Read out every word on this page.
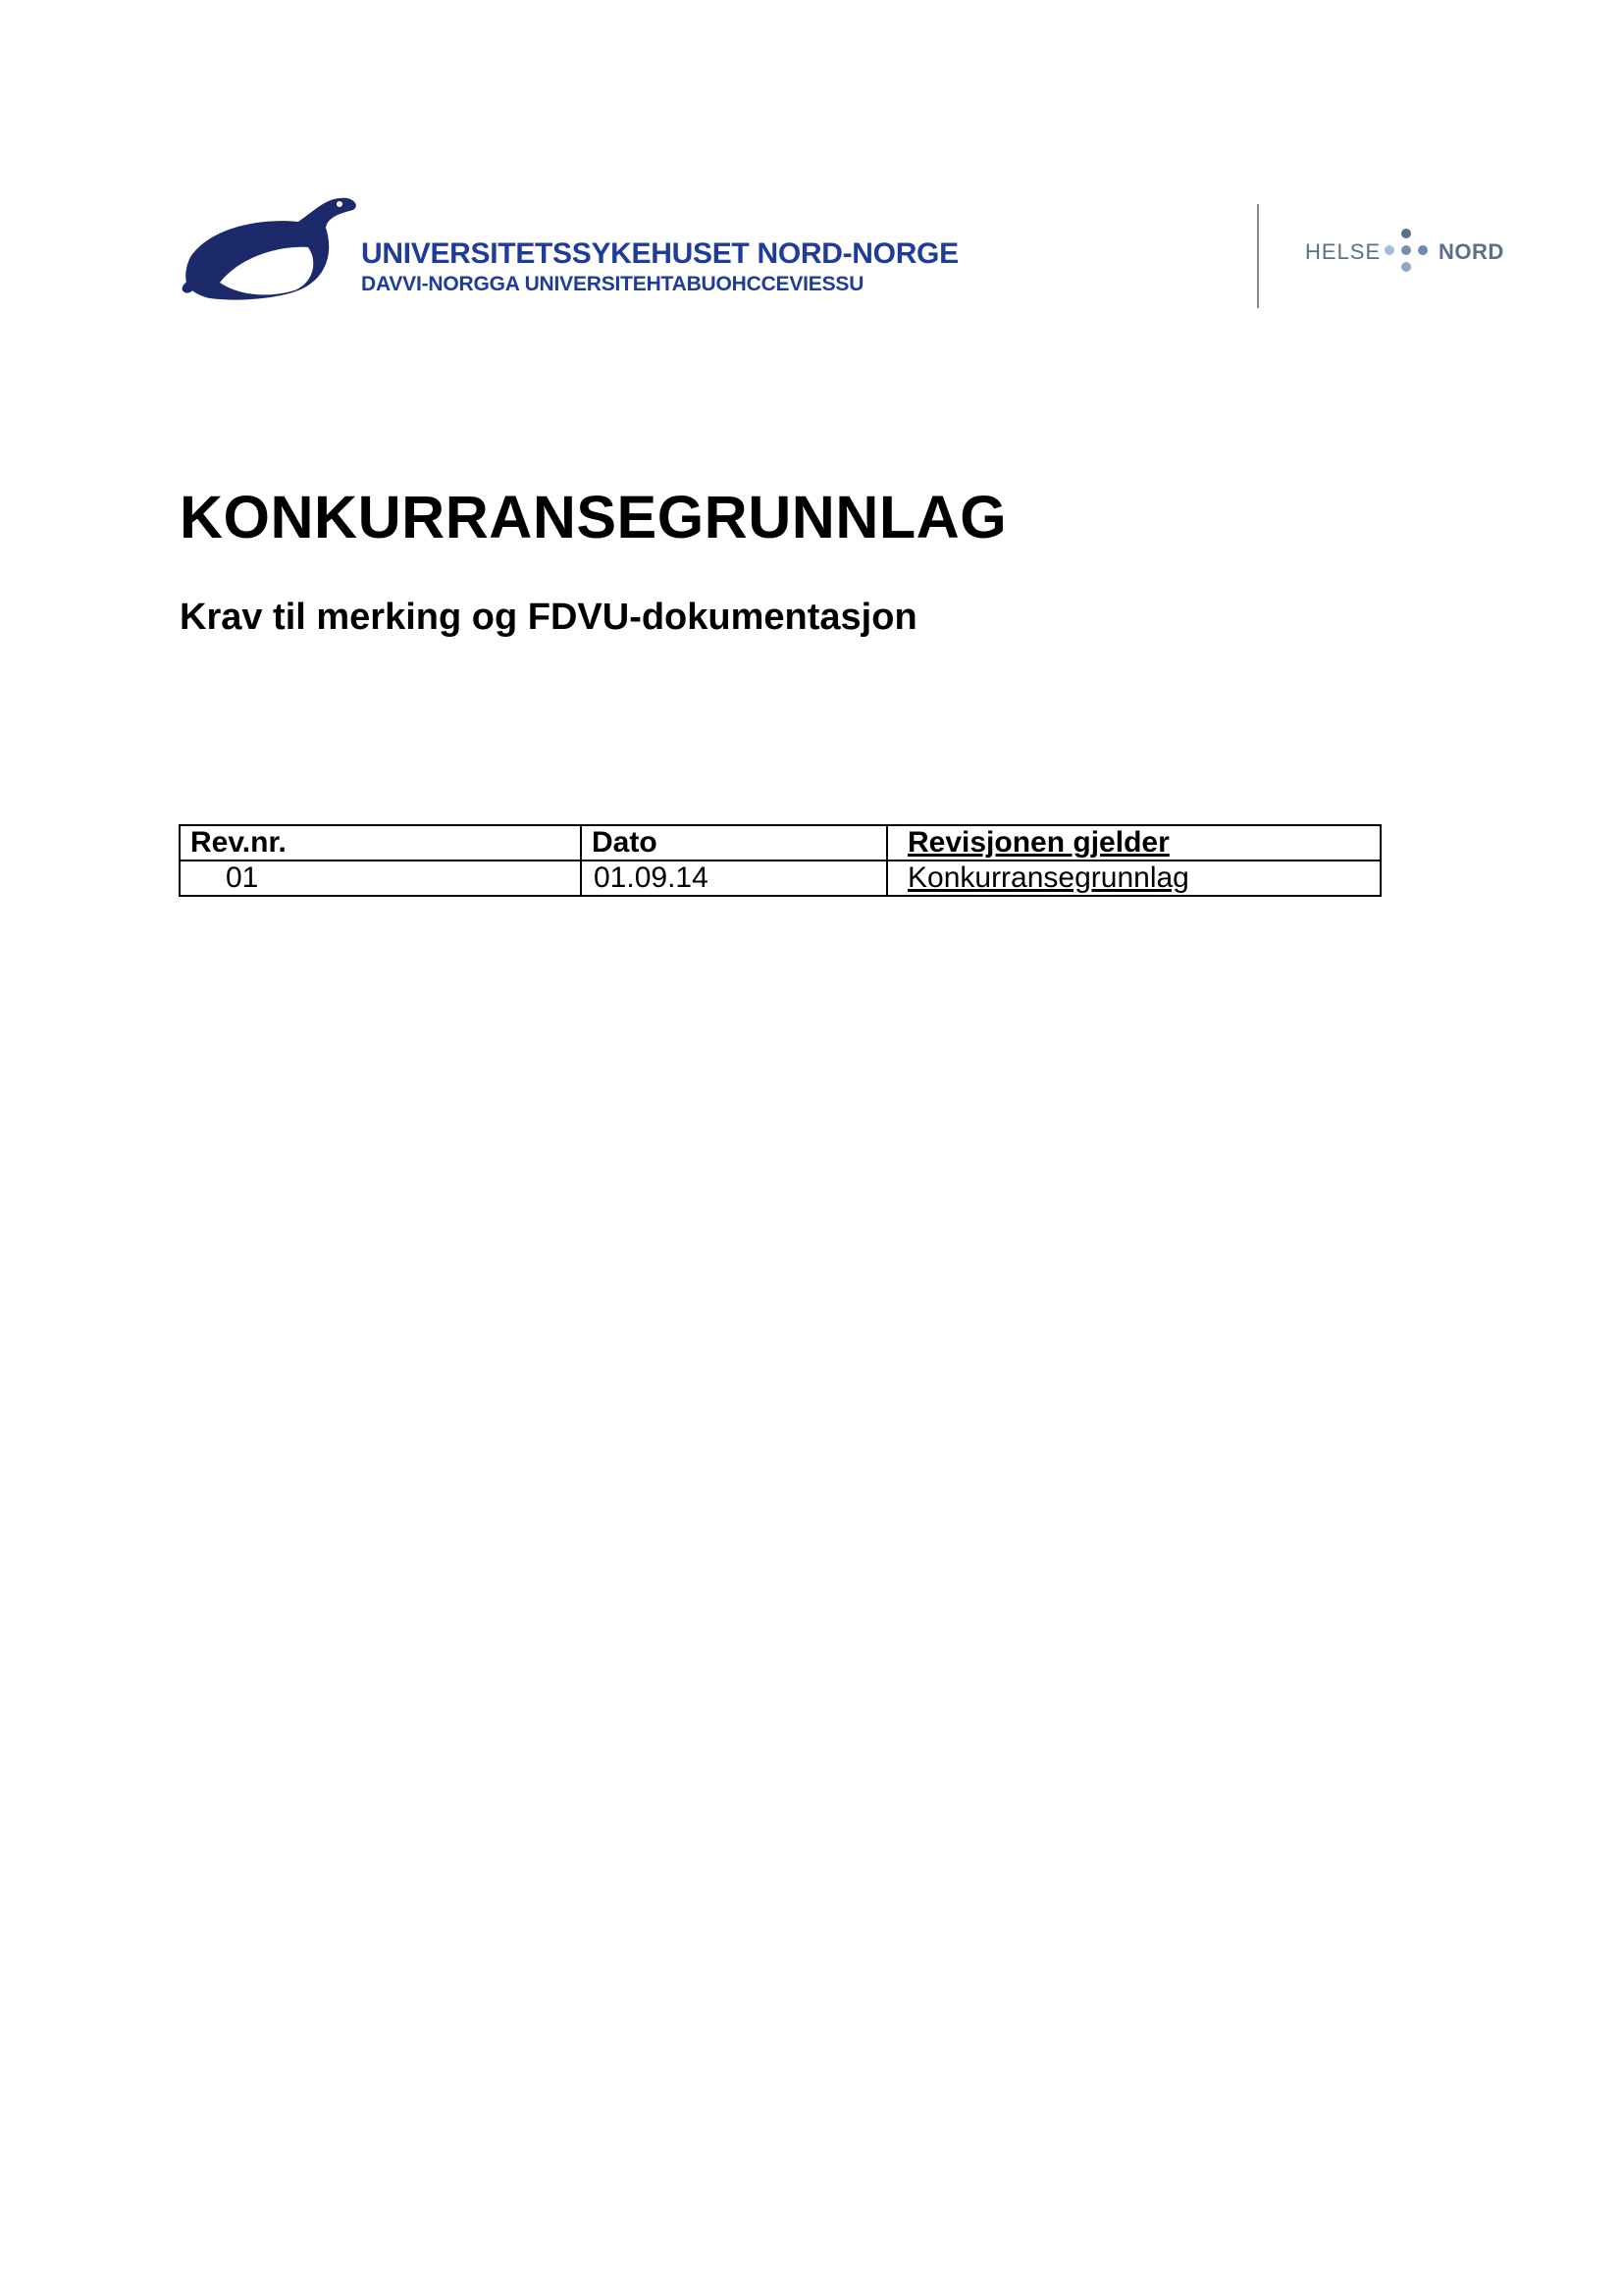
UNIVERSITETSSYKEHUSET NORD-NORGE
DAVVI-NORGGA UNIVERSITEHTABUOHCCEVIESSU
HELSE	NORD
KONKURRANSEGRUNNLAG
Krav til merking og FDVU-dokumentasjon
Rev.nr.	Dato	Revisjonen gjelder
01	01.09.14	Konkurransegrunnlag
